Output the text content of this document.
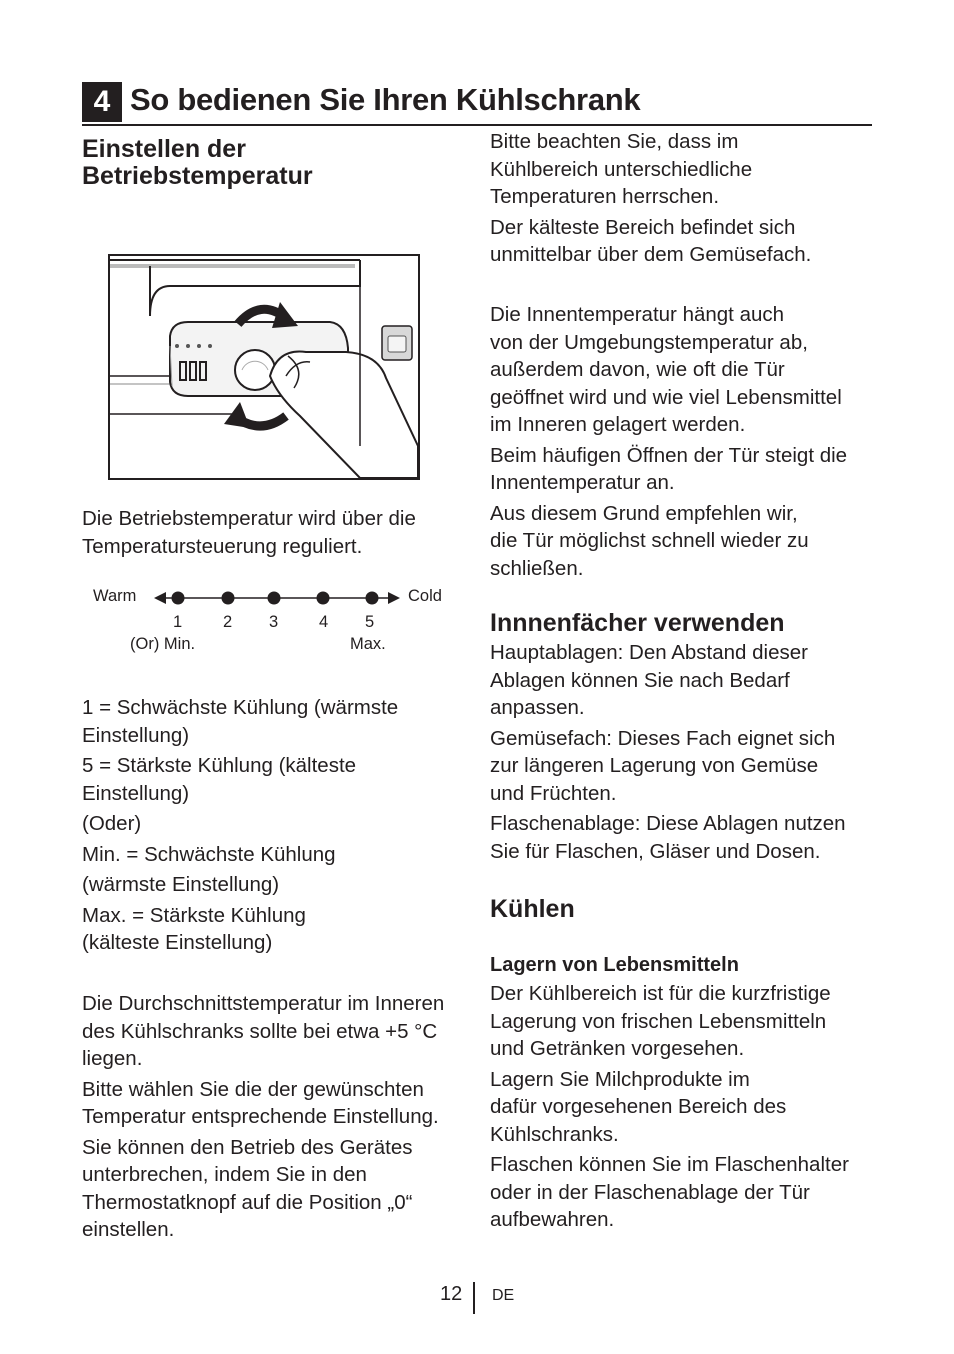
4 So bedienen Sie Ihren Kühlschrank
Einstellen der
Betriebstemperatur

Die Betriebstemperatur wird über die

Temperatursteuerung reguliert.

Warm	Cold
1 2 3 4 5
(Or) Min.	Max.

1 = Schwächste Kühlung (wärmste
Einstellung)

5 = Stärkste Kühlung (kälteste
Einstellung)

(Oder)

Min. = Schwächste Kühlung

(wärmste Einstellung)

Max. = Stärkste Kühlung
(kälteste Einstellung)

Die Durchschnittstemperatur im Inneren
des Kühlschranks sollte bei etwa +5 °C
liegen.

Bitte wählen Sie die der gewünschten
Temperatur entsprechende Einstellung.

Sie können den Betrieb des Gerätes
unterbrechen, indem Sie in den
Thermostatknopf auf die Position „0“
einstellen.

Bitte beachten Sie, dass im
Kühlbereich unterschiedliche
Temperaturen herrschen.

Der kälteste Bereich befindet sich
unmittelbar über dem Gemüsefach.

Die Innentemperatur hängt auch
von der Umgebungstemperatur ab,
außerdem davon, wie oft die Tür
geöffnet wird und wie viel Lebensmittel
im Inneren gelagert werden.

Beim häufigen Öffnen der Tür steigt die
Innentemperatur an.

Aus diesem Grund empfehlen wir,
die Tür möglichst schnell wieder zu
schließen.

Innnenfächer verwenden

Hauptablagen: Den Abstand dieser
Ablagen können Sie nach Bedarf
anpassen.

Gemüsefach: Dieses Fach eignet sich
zur längeren Lagerung von Gemüse
und Früchten.

Flaschenablage: Diese Ablagen nutzen
Sie für Flaschen, Gläser und Dosen.

Kühlen
Lagern von Lebensmitteln

Der Kühlbereich ist für die kurzfristige
Lagerung von frischen Lebensmitteln
und Getränken vorgesehen.

Lagern Sie Milchprodukte im
dafür vorgesehenen Bereich des
Kühlschranks.

Flaschen können Sie im Flaschenhalter
oder in der Flaschenablage der Tür
aufbewahren.

12 DE
